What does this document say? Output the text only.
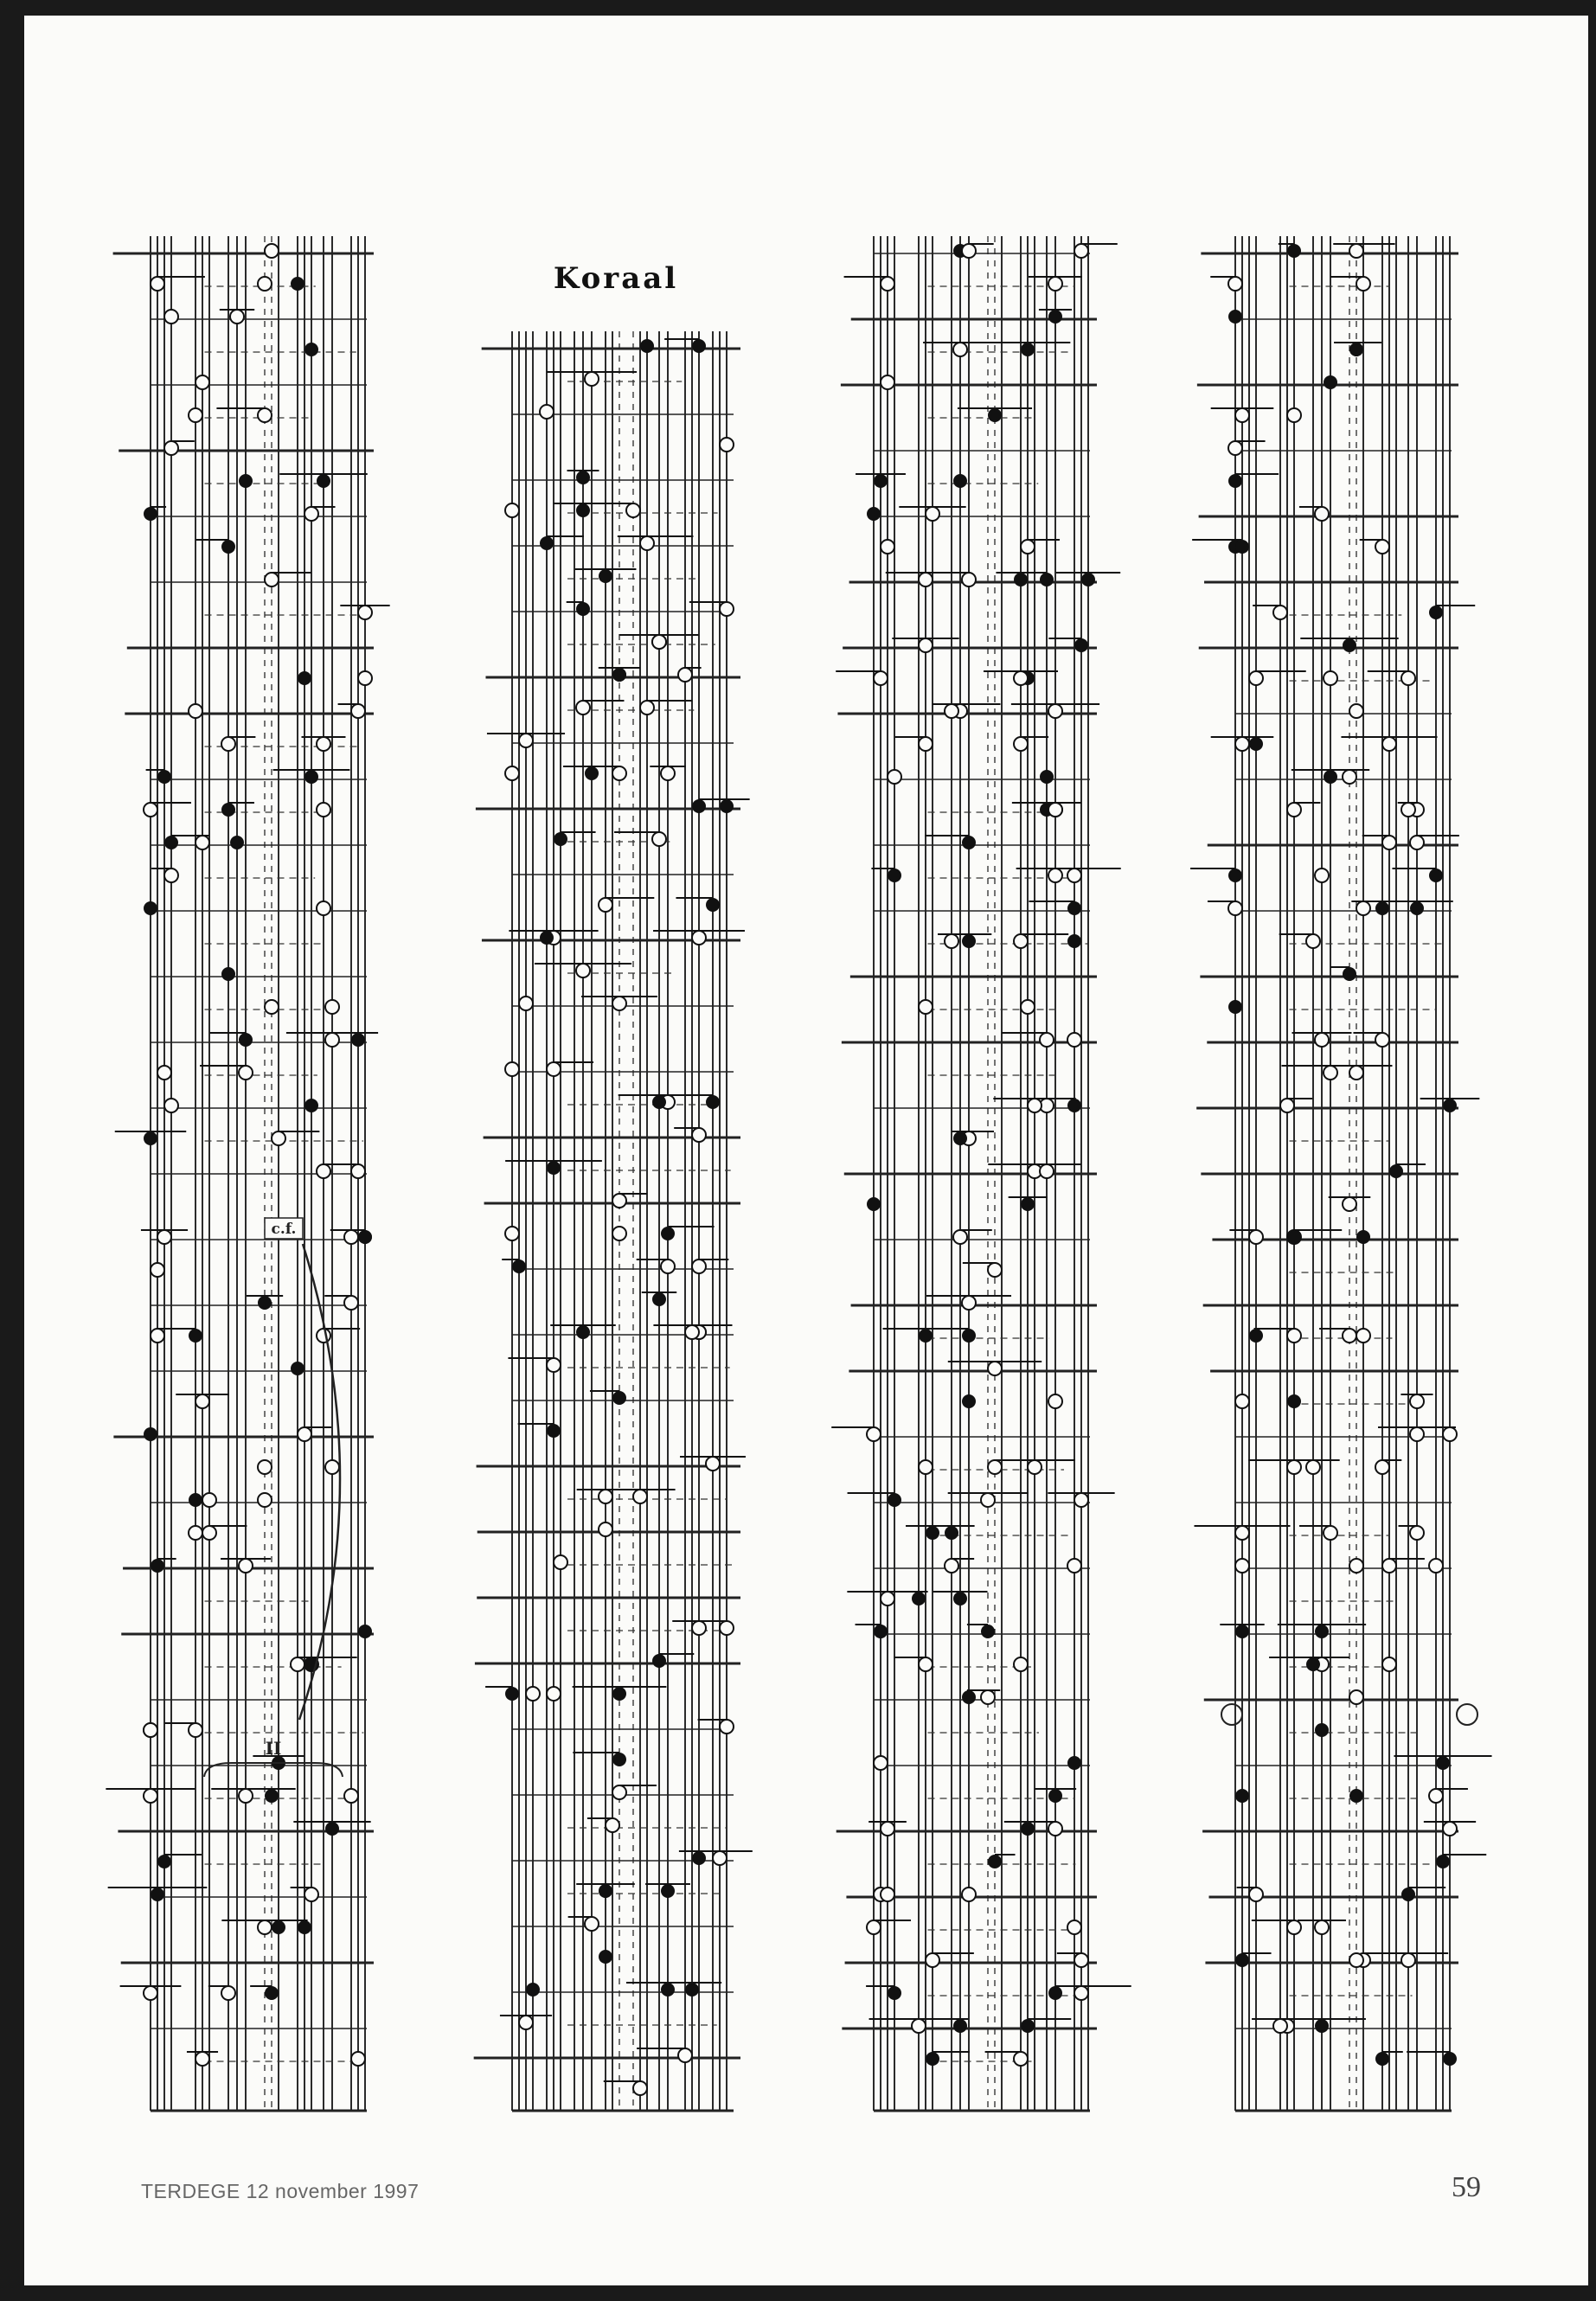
Koraal
c.f.
II
TERDEGE 12 november 1997	59
